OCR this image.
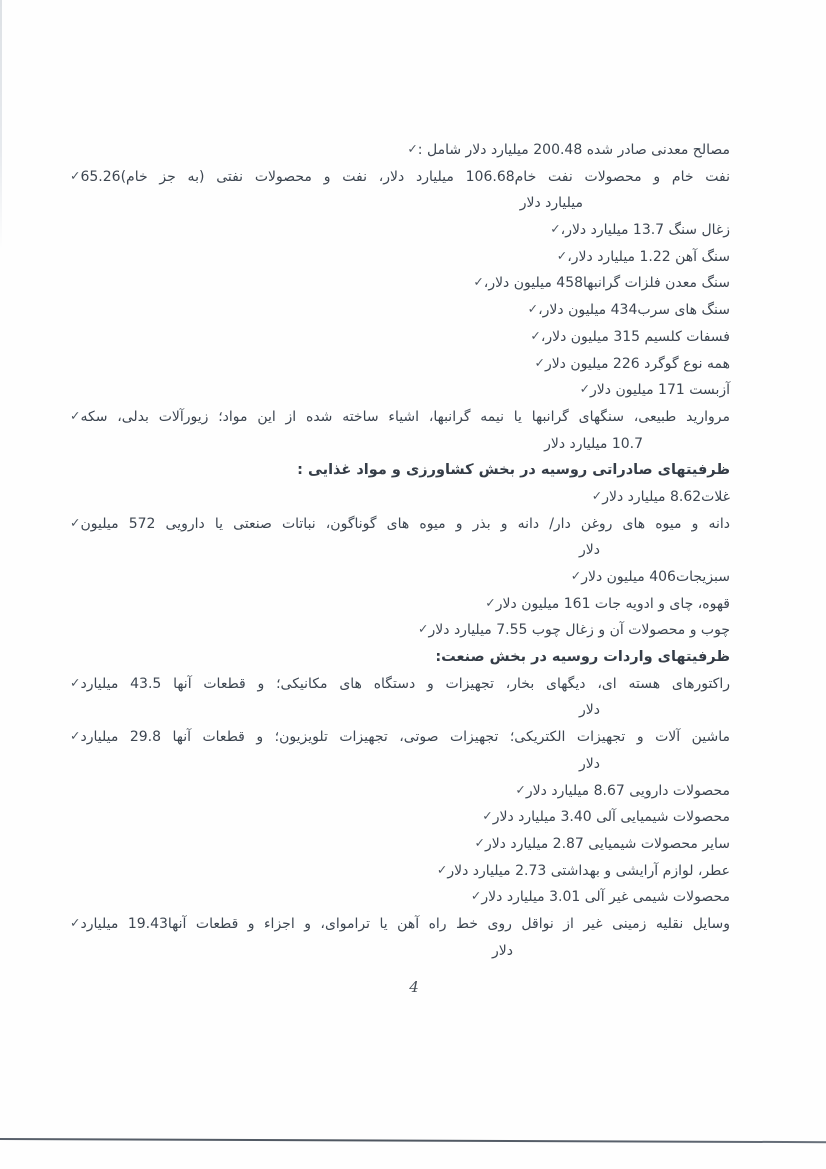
✓مصالح معدنی صادر شده 200.48 میلیارد دلار شامل :
✓نفت خام و محصولات نفت خام106.68 میلیارد دلار، نفت و محصولات نفتی (به جز خام)65.26
میلیارد دلار
✓زغال سنگ 13.7 میلیارد دلار،
✓سنگ آهن 1.22 میلیارد دلار،
✓سنگ معدن فلزات گرانبها458 میلیون دلار،
✓سنگ های سرب434 میلیون دلار،
✓فسفات کلسیم 315 میلیون دلار،
✓همه نوع گوگرد 226 میلیون دلار
✓آزبست 171 میلیون دلار
✓مروارید طبیعی، سنگهای گرانبها یا نیمه گرانبها، اشیاء ساخته شده از این مواد؛ زیورآلات بدلی، سکه
10.7 میلیارد دلار
ظرفیتهای صادراتی روسیه در بخش کشاورزی و مواد غذایی :
✓غلات8.62 میلیارد دلار
✓دانه و میوه های روغن دار/ دانه و بذر و میوه های گوناگون، نباتات صنعتی یا دارویی 572 میلیون
دلار
✓سبزیجات406 میلیون دلار
✓قهوه، چای و ادویه جات 161 میلیون دلار
✓چوب و محصولات آن و زغال چوب 7.55 میلیارد دلار
ظرفیتهای واردات روسیه در بخش صنعت:
✓راکتورهای هسته ای، دیگهای بخار، تجهیزات و دستگاه های مکانیکی؛ و قطعات آنها 43.5 میلیارد
دلار
✓ماشین آلات و تجهیزات الکتریکی؛ تجهیزات صوتی، تجهیزات تلویزیون؛ و قطعات آنها 29.8 میلیارد
دلار
✓محصولات دارویی 8.67 میلیارد دلار
✓محصولات شیمیایی آلی 3.40 میلیارد دلار
✓سایر محصولات شیمیایی 2.87 میلیارد دلار
✓عطر، لوازم آرایشی و بهداشتی 2.73 میلیارد دلار
✓محصولات شیمی غیر آلی 3.01 میلیارد دلار
✓وسایل نقلیه زمینی غیر از نواقل روی خط راه آهن یا تراموای، و اجزاء و قطعات آنها19.43 میلیارد
دلار
4
